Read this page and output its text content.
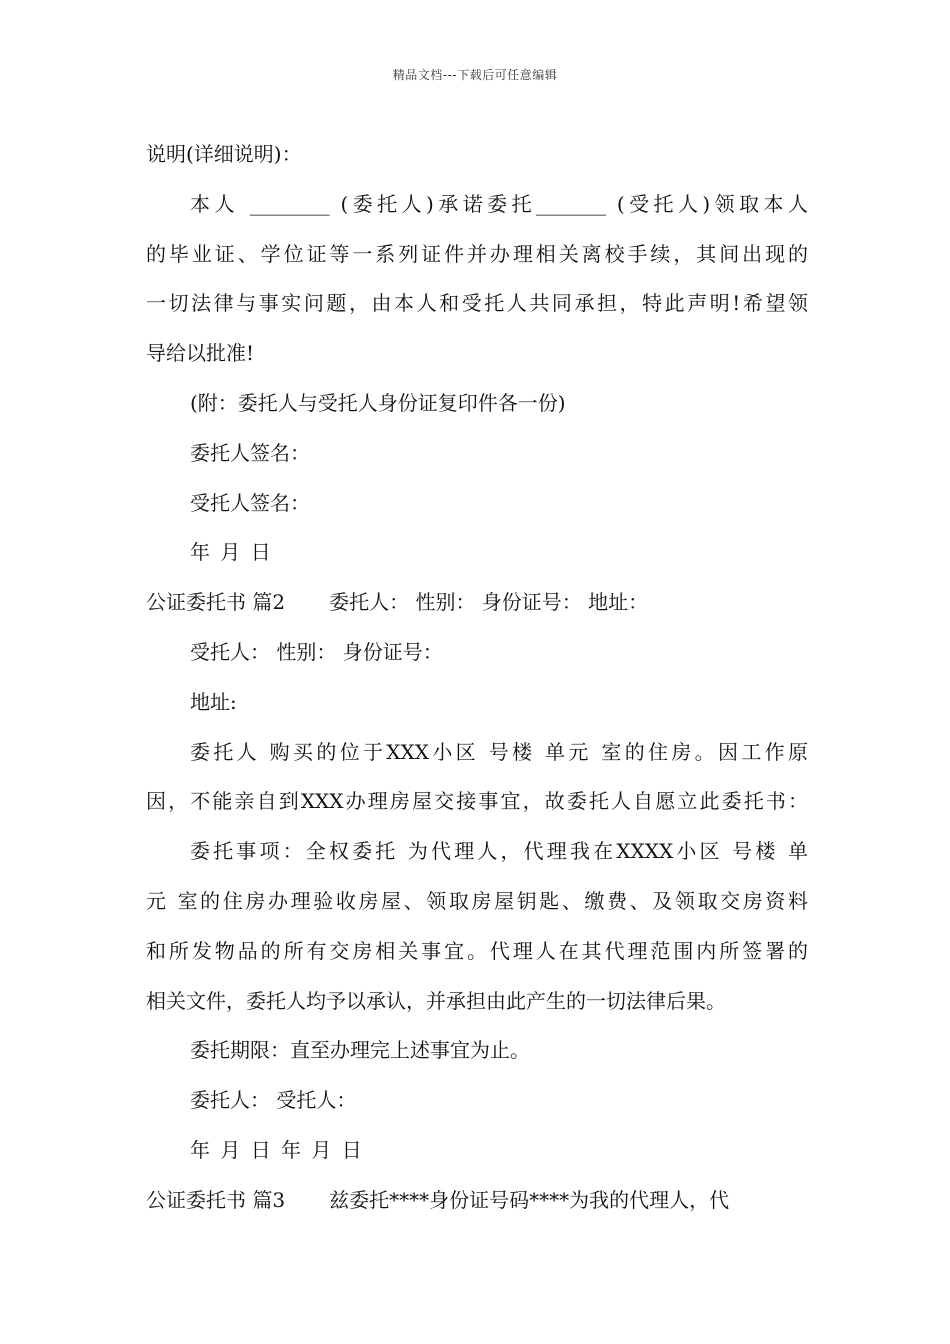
精品文档---下载后可任意编辑
说明(详细说明)：
本人 ________ (委托人)承诺委托_______ (受托人)领取本人
的毕业证、学位证等一系列证件并办理相关离校手续，其间出现的
一切法律与事实问题，由本人和受托人共同承担，特此声明!希望领
导给以批准!
(附：委托人与受托人身份证复印件各一份)
委托人签名：
受托人签名：
年 月 日
公证委托书 篇2 委托人： 性别： 身份证号： 地址：
受托人： 性别： 身份证号：
地址:
委托人 购买的位于XXX小区 号楼 单元 室的住房。因工作原
因，不能亲自到XXX办理房屋交接事宜，故委托人自愿立此委托书：
委托事项：全权委托 为代理人，代理我在XXXX小区 号楼 单
元 室的住房办理验收房屋、领取房屋钥匙、缴费、及领取交房资料
和所发物品的所有交房相关事宜。代理人在其代理范围内所签署的
相关文件，委托人均予以承认，并承担由此产生的一切法律后果。
委托期限：直至办理完上述事宜为止。
委托人： 受托人：
年 月 日 年 月 日
公证委托书 篇3 兹委托****身份证号码****为我的代理人，代
